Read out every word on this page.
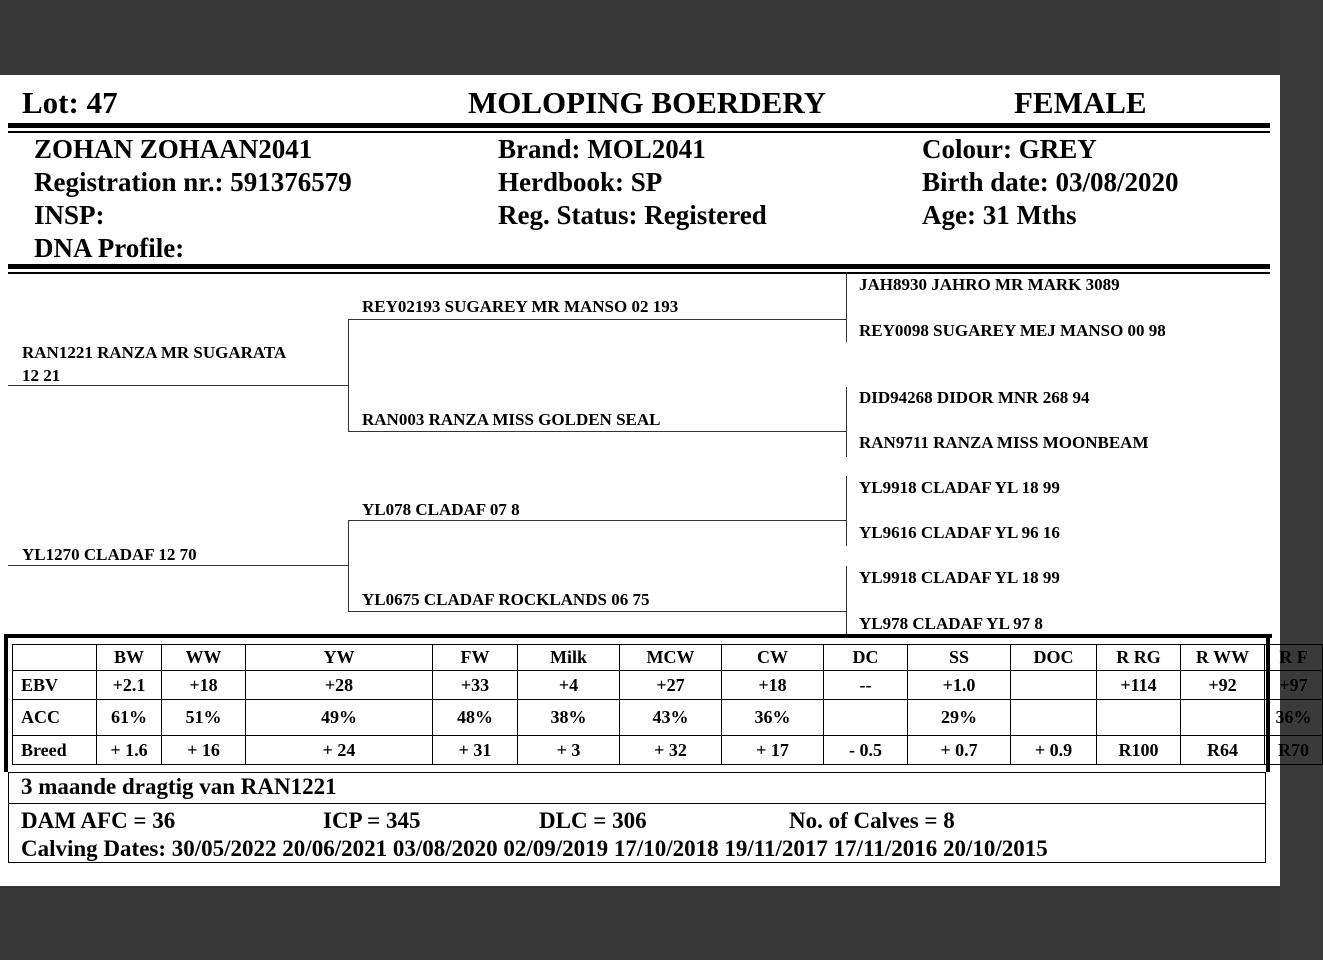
Lot: 47	MOLOPING BOERDERY	FEMALE
ZOHAN ZOHAAN2041
Registration nr.: 591376579
INSP:
DNA Profile:
Brand: MOL2041
Herdbook: SP
Reg. Status: Registered
Colour: GREY
Birth date: 03/08/2020
Age: 31 Mths
RAN1221 RANZA MR SUGARATA
12 21
YL1270 CLADAF 12 70
REY02193 SUGAREY MR MANSO 02 193
RAN003 RANZA MISS GOLDEN SEAL
YL078 CLADAF 07 8
YL0675 CLADAF ROCKLANDS 06 75
JAH8930 JAHRO MR MARK 3089
REY0098 SUGAREY MEJ MANSO 00 98
DID94268 DIDOR MNR 268 94
RAN9711 RANZA MISS MOONBEAM
YL9918 CLADAF YL 18 99
YL9616 CLADAF YL 96 16
YL9918 CLADAF YL 18 99
YL978 CLADAF YL 97 8
	BW	WW	YW	FW	Milk	MCW	CW	DC	SS	DOC	R RG	R WW	R F
EBV	+2.1	+18	+28	+33	+4	+27	+18	--	+1.0		+114	+92	+97
ACC	61%	51%	49%	48%	38%	43%	36%		29%				36%
Breed	+ 1.6	+ 16	+ 24	+ 31	+ 3	+ 32	+ 17	- 0.5	+ 0.7	+ 0.9	R100	R64	R70
3 maande dragtig van RAN1221
DAM AFC = 36	ICP = 345	DLC = 306	No. of Calves = 8
Calving Dates: 30/05/2022 20/06/2021 03/08/2020 02/09/2019 17/10/2018 19/11/2017 17/11/2016 20/10/2015
